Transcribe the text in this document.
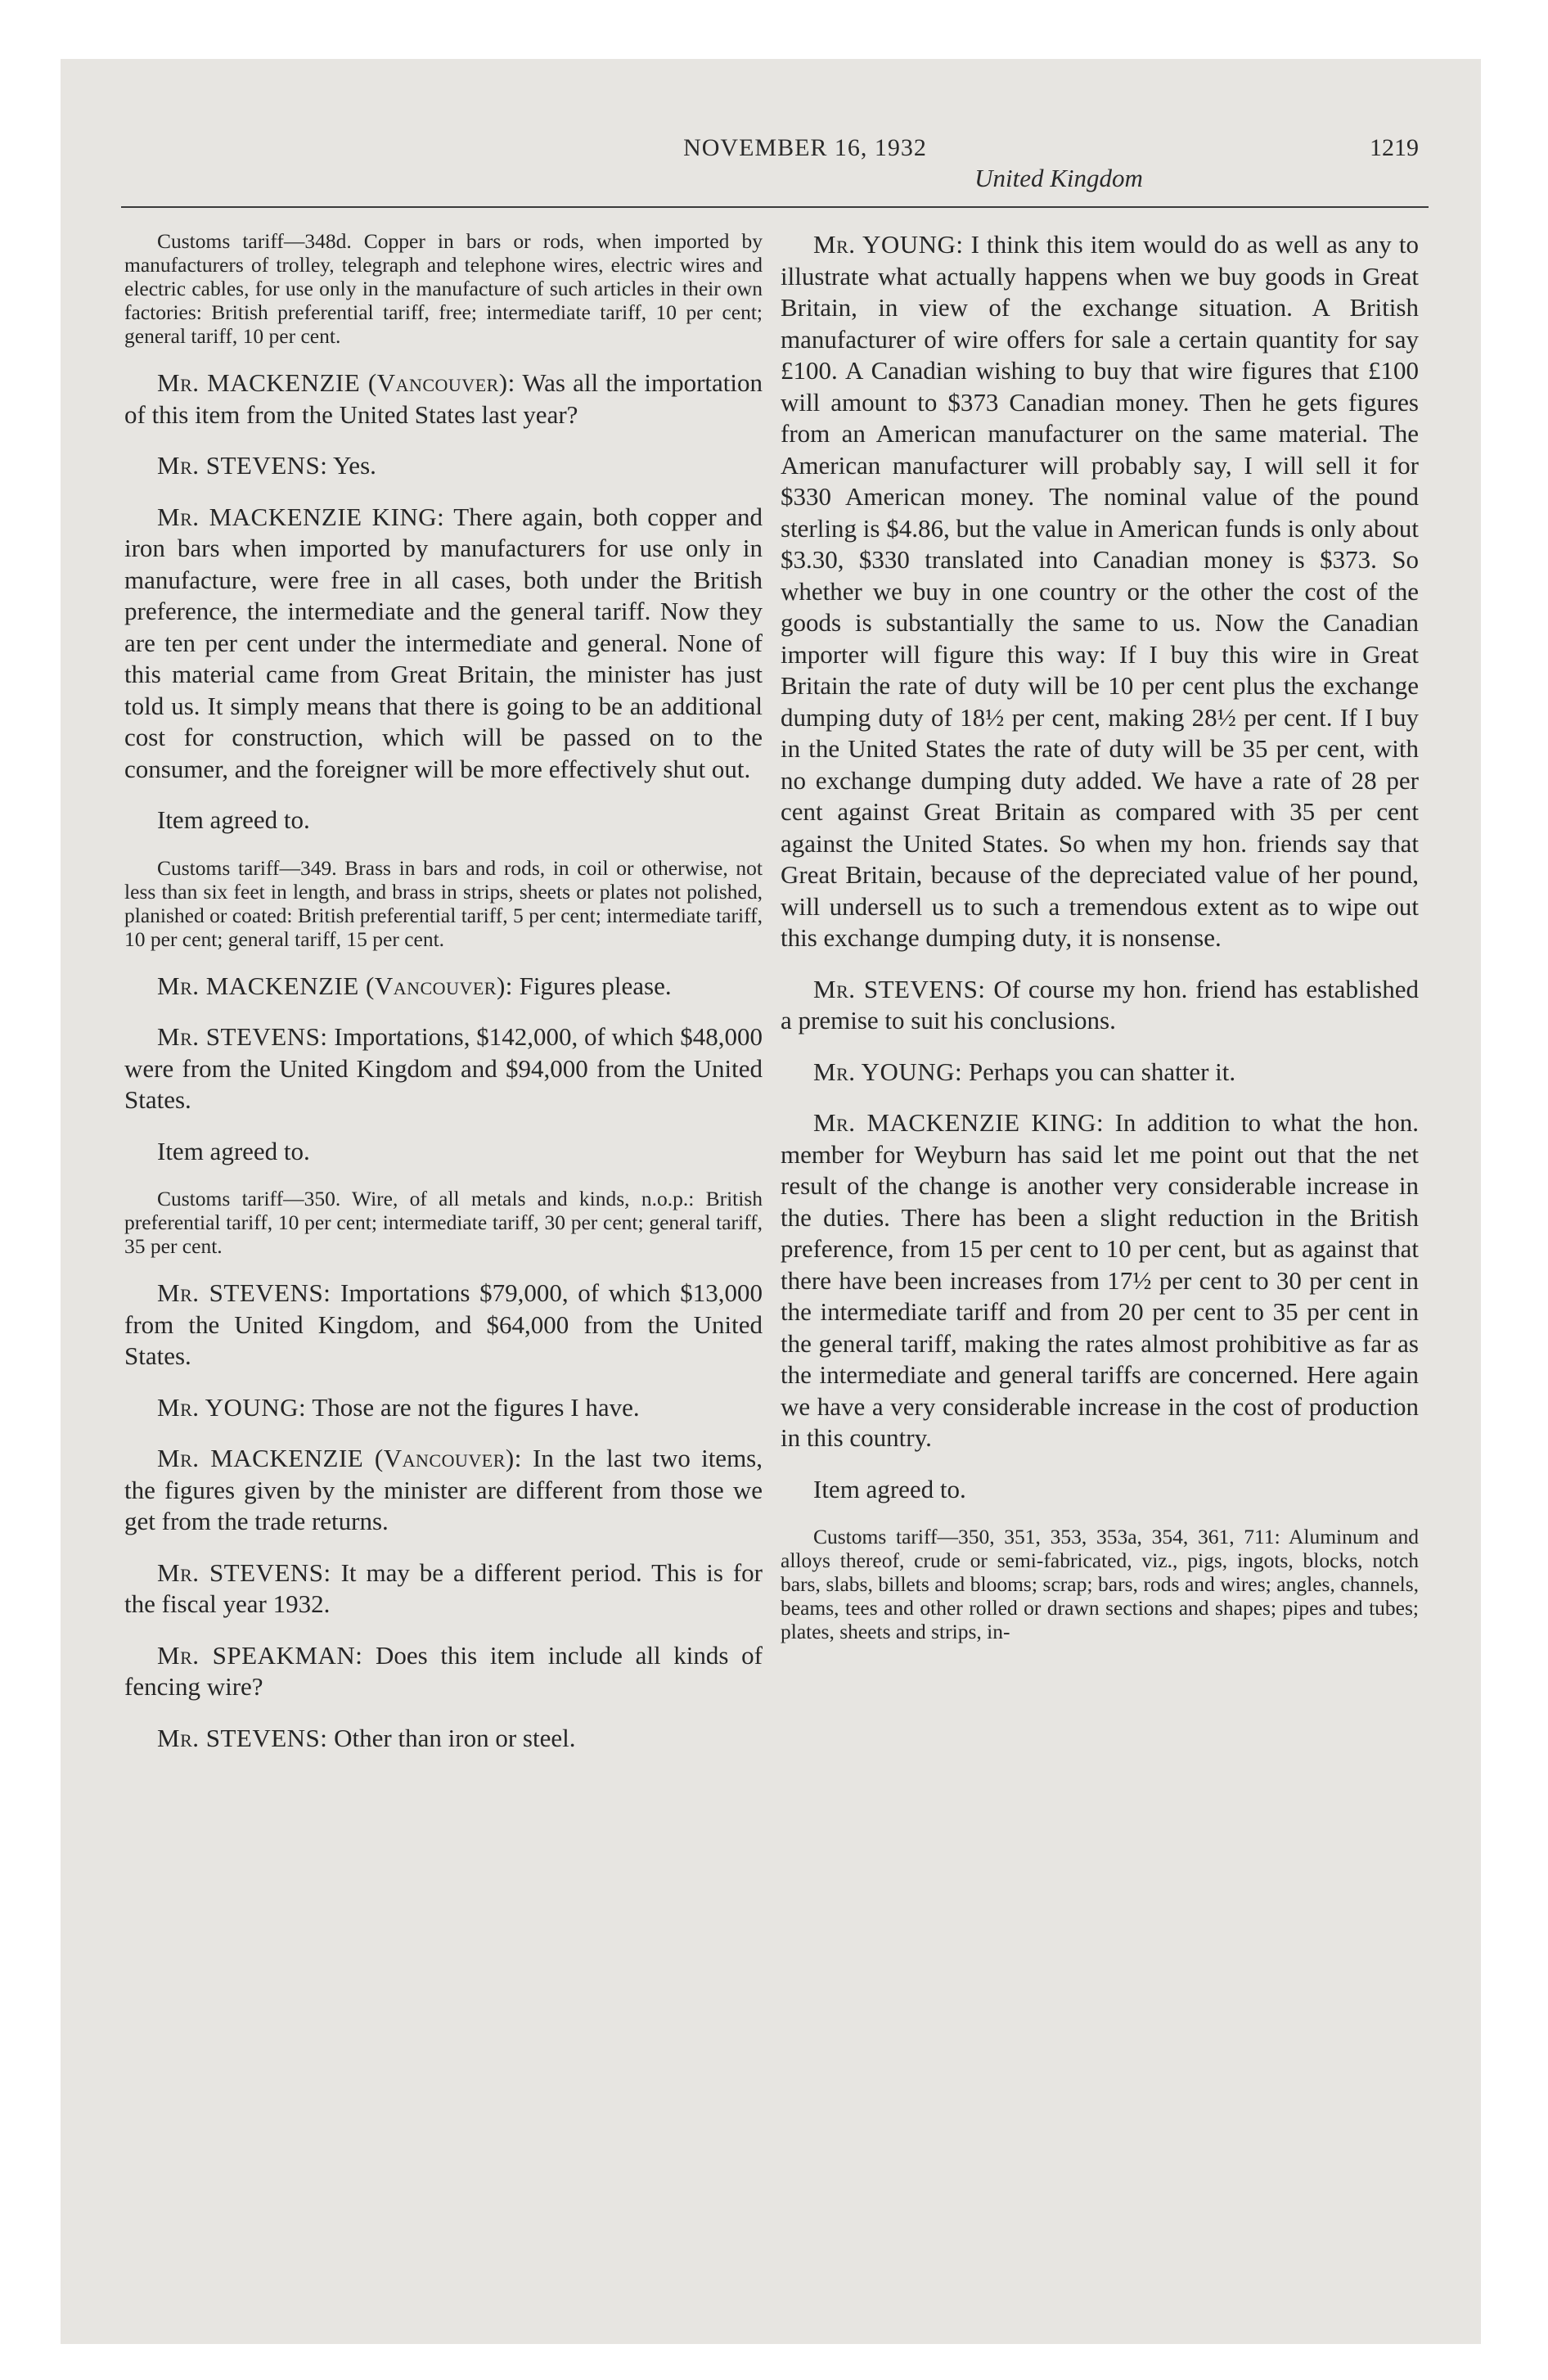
NOVEMBER 16, 1932
United Kingdom
1219

Customs tariff—348d. Copper in bars or rods, when imported by manufacturers of trolley, telegraph and telephone wires, electric wires and electric cables, for use only in the manufacture of such articles in their own factories: British preferential tariff, free; intermediate tariff, 10 per cent; general tariff, 10 per cent.

Mr. MACKENZIE (Vancouver): Was all the importation of this item from the United States last year?

Mr. STEVENS: Yes.

Mr. MACKENZIE KING: There again, both copper and iron bars when imported by manufacturers for use only in manufacture, were free in all cases, both under the British preference, the intermediate and the general tariff. Now they are ten per cent under the intermediate and general. None of this material came from Great Britain, the minister has just told us. It simply means that there is going to be an additional cost for construction, which will be passed on to the consumer, and the foreigner will be more effectively shut out.

Item agreed to.

Customs tariff—349. Brass in bars and rods, in coil or otherwise, not less than six feet in length, and brass in strips, sheets or plates not polished, planished or coated: British preferential tariff, 5 per cent; intermediate tariff, 10 per cent; general tariff, 15 per cent.

Mr. MACKENZIE (Vancouver): Figures please.

Mr. STEVENS: Importations, $142,000, of which $48,000 were from the United Kingdom and $94,000 from the United States.

Item agreed to.

Customs tariff—350. Wire, of all metals and kinds, n.o.p.: British preferential tariff, 10 per cent; intermediate tariff, 30 per cent; general tariff, 35 per cent.

Mr. STEVENS: Importations $79,000, of which $13,000 from the United Kingdom, and $64,000 from the United States.

Mr. YOUNG: Those are not the figures I have.

Mr. MACKENZIE (Vancouver): In the last two items, the figures given by the minister are different from those we get from the trade returns.

Mr. STEVENS: It may be a different period. This is for the fiscal year 1932.

Mr. SPEAKMAN: Does this item include all kinds of fencing wire?

Mr. STEVENS: Other than iron or steel.

Mr. YOUNG: I think this item would do as well as any to illustrate what actually happens when we buy goods in Great Britain, in view of the exchange situation. A British manufacturer of wire offers for sale a certain quantity for say £100. A Canadian wishing to buy that wire figures that £100 will amount to $373 Canadian money. Then he gets figures from an American manufacturer on the same material. The American manufacturer will probably say, I will sell it for $330 American money. The nominal value of the pound sterling is $4.86, but the value in American funds is only about $3.30, $330 translated into Canadian money is $373. So whether we buy in one country or the other the cost of the goods is substantially the same to us. Now the Canadian importer will figure this way: If I buy this wire in Great Britain the rate of duty will be 10 per cent plus the exchange dumping duty of 18½ per cent, making 28½ per cent. If I buy in the United States the rate of duty will be 35 per cent, with no exchange dumping duty added. We have a rate of 28 per cent against Great Britain as compared with 35 per cent against the United States. So when my hon. friends say that Great Britain, because of the depreciated value of her pound, will undersell us to such a tremendous extent as to wipe out this exchange dumping duty, it is nonsense.

Mr. STEVENS: Of course my hon. friend has established a premise to suit his conclusions.

Mr. YOUNG: Perhaps you can shatter it.

Mr. MACKENZIE KING: In addition to what the hon. member for Weyburn has said let me point out that the net result of the change is another very considerable increase in the duties. There has been a slight reduction in the British preference, from 15 per cent to 10 per cent, but as against that there have been increases from 17½ per cent to 30 per cent in the intermediate tariff and from 20 per cent to 35 per cent in the general tariff, making the rates almost prohibitive as far as the intermediate and general tariffs are concerned. Here again we have a very considerable increase in the cost of production in this country.

Item agreed to.

Customs tariff—350, 351, 353, 353a, 354, 361, 711: Aluminum and alloys thereof, crude or semi-fabricated, viz., pigs, ingots, blocks, notch bars, slabs, billets and blooms; scrap; bars, rods and wires; angles, channels, beams, tees and other rolled or drawn sections and shapes; pipes and tubes; plates, sheets and strips, in-
